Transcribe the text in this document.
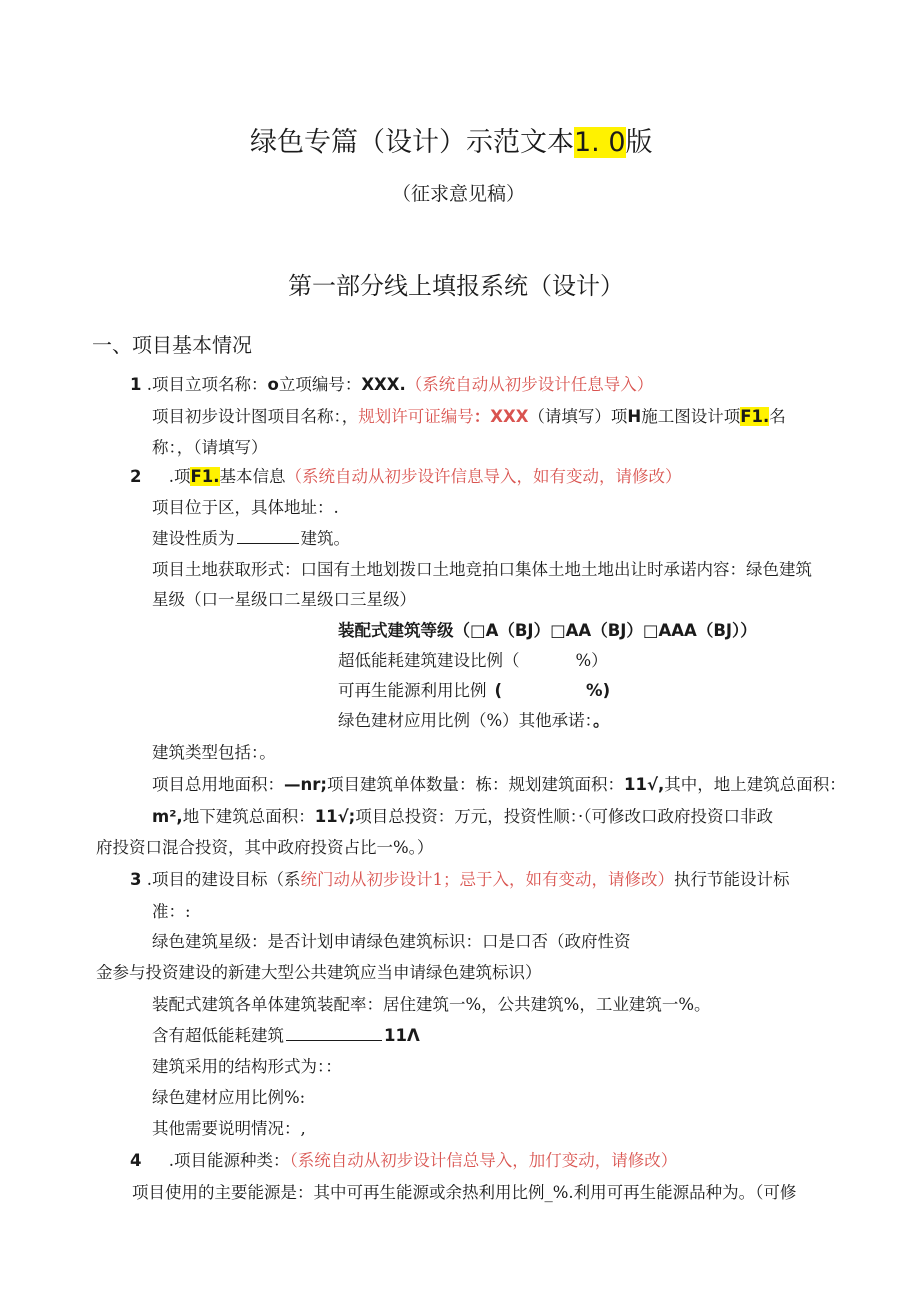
绿色专篇（设计）示范文本1. 0版
（征求意见稿）
第一部分线上填报系统（设计）
一、项目基本情况
1 .项目立项名称：o立项编号：XXX.（系统自动从初步设计任息导入）
项目初步设计图项目名称：，规划许可证编号：XXX（请填写）项H施工图设计项F1.名
称：，（请填写）
2 .项F1.基本信息（系统自动从初步设许信息导入，如有变动，请修改）
项目位于区，具体地址：.
建设性质为	建筑。
项目土地获取形式：口国有土地划拨口土地竞拍口集体土地土地出让时承诺内容：绿色建筑
星级（口一星级口二星级口三星级）
装配式建筑等级（□A（BJ）□AA（BJ）□AAA（BJ））
超低能耗建筑建设比例（	%）
可再生能源利用比例 (	%)
绿色建材应用比例（%）其他承诺：。
建筑类型包括：。
项目总用地面积：—nr;项目建筑单体数量：栋：规划建筑面积：11√,其中，地上建筑总面积：
m²,地下建筑总面积：11√;项目总投资：万元，投资性顺：·（可修改口政府投资口非政
府投资口混合投资，其中政府投资占比一%。）
3 .项目的建设目标（系统门动从初步设计1；忌于入，如有变动，请修改）执行节能设计标
准：:
绿色建筑星级：是否计划申请绿色建筑标识：口是口否（政府性资
金参与投资建设的新建大型公共建筑应当申请绿色建筑标识）
装配式建筑各单体建筑装配率：居住建筑一%，公共建筑%，工业建筑一%。
含有超低能耗建筑	11Λ
建筑采用的结构形式为：：
绿色建材应用比例%:
其他需要说明情况：,
4 .项目能源种类：（系统自动从初步设计信总导入，加仃变动，请修改）
项目使用的主要能源是：其中可再生能源或余热利用比例_%.利用可再生能源品种为。（可修
